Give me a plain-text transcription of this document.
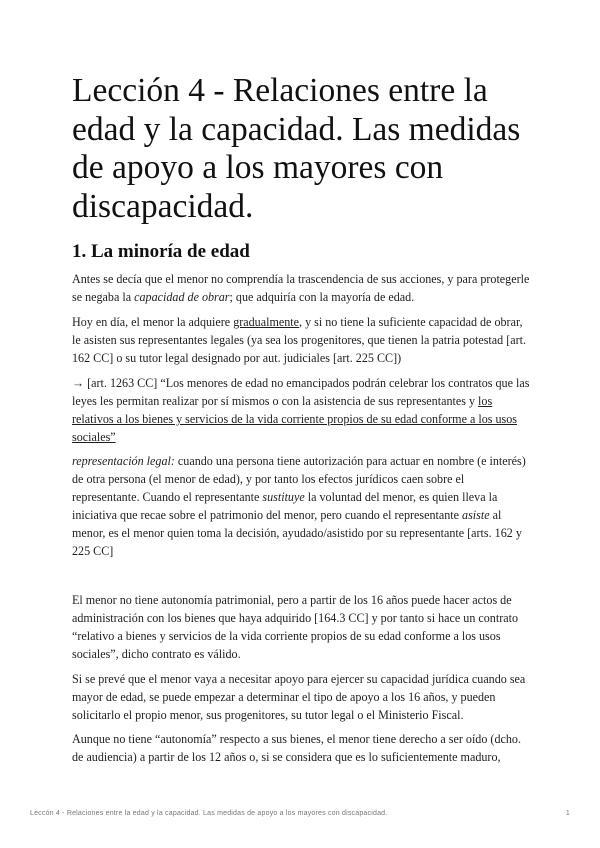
Lección 4 - Relaciones entre la edad y la capacidad. Las medidas de apoyo a los mayores con discapacidad.
1. La minoría de edad

Antes se decía que el menor no comprendía la trascendencia de sus acciones, y para protegerle se negaba la capacidad de obrar; que adquiría con la mayoría de edad.

Hoy en día, el menor la adquiere gradualmente, y si no tiene la suficiente capacidad de obrar, le asisten sus representantes legales (ya sea los progenitores, que tienen la patria potestad [art. 162 CC] o su tutor legal designado por aut. judiciales [art. 225 CC])

→ [art. 1263 CC] “Los menores de edad no emancipados podrán celebrar los contratos que las leyes les permitan realizar por sí mismos o con la asistencia de sus representantes y los relativos a los bienes y servicios de la vida corriente propios de su edad conforme a los usos sociales”

representación legal: cuando una persona tiene autorización para actuar en nombre (e interés) de otra persona (el menor de edad), y por tanto los efectos jurídicos caen sobre el representante. Cuando el representante sustituye la voluntad del menor, es quien lleva la iniciativa que recae sobre el patrimonio del menor, pero cuando el representante asiste al menor, es el menor quien toma la decisión, ayudado/asistido por su representante [arts. 162 y 225 CC]

El menor no tiene autonomía patrimonial, pero a partir de los 16 años puede hacer actos de administración con los bienes que haya adquirido [164.3 CC] y por tanto si hace un contrato “relativo a bienes y servicios de la vida corriente propios de su edad conforme a los usos sociales”, dicho contrato es válido.

Si se prevé que el menor vaya a necesitar apoyo para ejercer su capacidad jurídica cuando sea mayor de edad, se puede empezar a determinar el tipo de apoyo a los 16 años, y pueden solicitarlo el propio menor, sus progenitores, su tutor legal o el Ministerio Fiscal.

Aunque no tiene “autonomía” respecto a sus bienes, el menor tiene derecho a ser oído (dcho. de audiencia) a partir de los 12 años o, si se considera que es lo suficientemente maduro,

Leccón 4 - Relaciones entre la edad y la capacidad. Las medidas de apoyo a los mayores con discapacidad.	1
